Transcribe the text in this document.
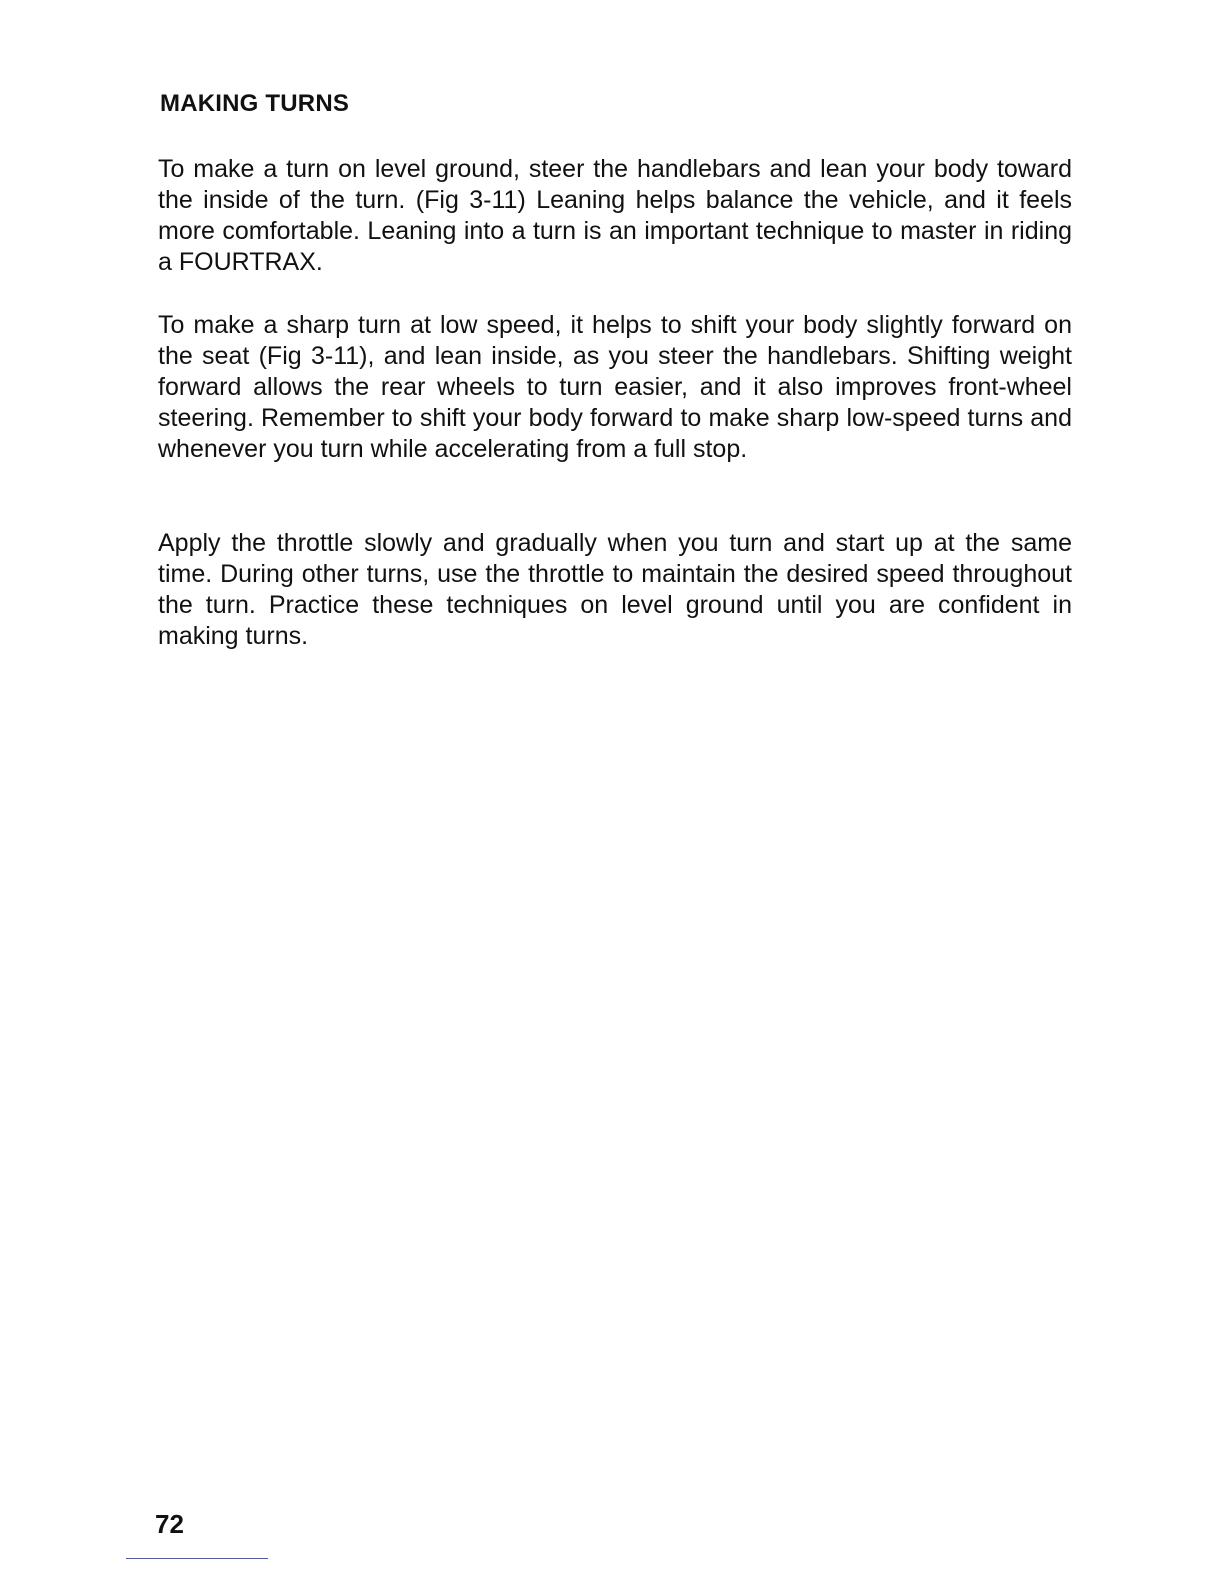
MAKING TURNS

To make a turn on level ground, steer the handlebars and lean your body toward the inside of the turn. (Fig 3-11) Leaning helps balance the vehicle, and it feels more comfortable. Leaning into a turn is an important technique to master in riding a FOURTRAX.

To make a sharp turn at low speed, it helps to shift your body slightly forward on the seat (Fig 3-11), and lean inside, as you steer the handlebars. Shifting weight forward allows the rear wheels to turn easier, and it also improves front-wheel steering. Remember to shift your body forward to make sharp low-speed turns and whenever you turn while accelerating from a full stop.

Apply the throttle slowly and gradually when you turn and start up at the same time. During other turns, use the throttle to maintain the desired speed throughout the turn. Practice these techniques on level ground until you are confident in making turns.

72
